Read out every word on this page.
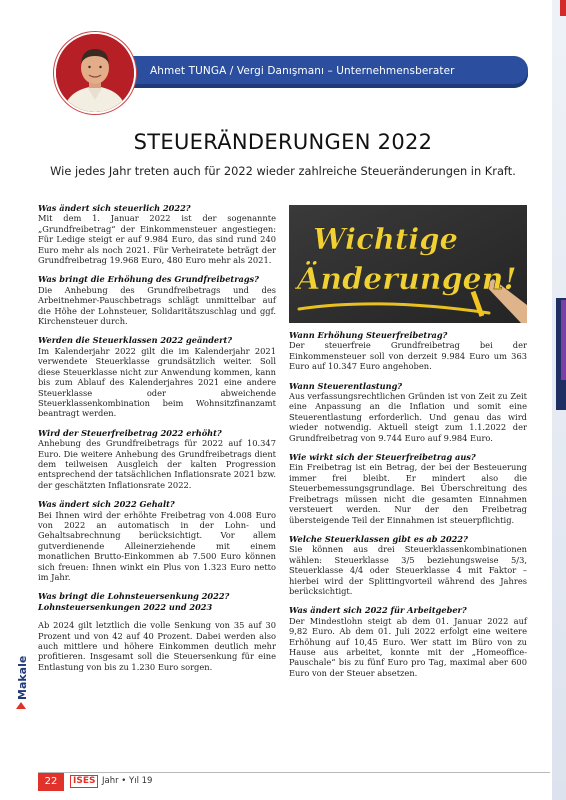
Ahmet TUNGA / Vergi Danışmanı – Unternehmensberater
STEUERÄNDERUNGEN 2022
Wie jedes Jahr treten auch für 2022 wieder zahlreiche Steueränderungen in Kraft.
Was ändert sich steuerlich 2022?

Mit dem 1. Januar 2022 ist der sogenannte „Grundfreibetrag“ der Einkommensteuer angestiegen: Für Ledige steigt er auf 9.984 Euro, das sind rund 240 Euro mehr als noch 2021. Für Verheiratete beträgt der Grundfreibetrag 19.968 Euro, 480 Euro mehr als 2021.

Was bringt die Erhöhung des Grundfreibetrags?

Die Anhebung des Grundfreibetrags und des Arbeitnehmer-Pauschbetrags schlägt unmittelbar auf die Höhe der Lohnsteuer, Solidaritätszuschlag und ggf. Kirchensteuer durch.

Werden die Steuerklassen 2022 geändert?

Im Kalenderjahr 2022 gilt die im Kalenderjahr 2021 verwendete Steuerklasse grundsätzlich weiter. Soll diese Steuerklasse nicht zur Anwendung kommen, kann bis zum Ablauf des Kalenderjahres 2021 eine andere Steuerklasse oder abweichende Steuerklassenkombination beim Wohnsitzfinanzamt beantragt werden.

Wird der Steuerfreibetrag 2022 erhöht?

Anhebung des Grundfreibetrags für 2022 auf 10.347 Euro. Die weitere Anhebung des Grundfreibetrags dient dem teilweisen Ausgleich der kalten Progression entsprechend der tatsächlichen Inflationsrate 2021 bzw. der geschätzten Inflationsrate 2022.

Was ändert sich 2022 Gehalt?

Bei Ihnen wird der erhöhte Freibetrag von 4.008 Euro von 2022 an automatisch in der Lohn- und Gehaltsabrechnung berücksichtigt. Vor allem gutverdienende Alleinerziehende mit einem monatlichen Brutto-Einkommen ab 7.500 Euro können sich freuen: Ihnen winkt ein Plus von 1.323 Euro netto im Jahr.

Was bringt die Lohnsteuersenkung 2022? Lohnsteuersenkungen 2022 und 2023

Ab 2024 gilt letztlich die volle Senkung von 35 auf 30 Prozent und von 42 auf 40 Prozent. Dabei werden also auch mittlere und höhere Einkommen deutlich mehr profitieren. Insgesamt soll die Steuersenkung für eine Entlastung von bis zu 1.230 Euro sorgen.

Wichtige
Änderungen!
Wann Erhöhung Steuerfreibetrag?

Der steuerfreie Grundfreibetrag bei der Einkommensteuer soll von derzeit 9.984 Euro um 363 Euro auf 10.347 Euro angehoben.

Wann Steuerentlastung?

Aus verfassungsrechtlichen Gründen ist von Zeit zu Zeit eine Anpassung an die Inflation und somit eine Steuerentlastung erforderlich. Und genau das wird wieder notwendig. Aktuell steigt zum 1.1.2022 der Grundfreibetrag von 9.744 Euro auf 9.984 Euro.

Wie wirkt sich der Steuerfreibetrag aus?

Ein Freibetrag ist ein Betrag, der bei der Besteuerung immer frei bleibt. Er mindert also die Steuerbemessungsgrundlage. Bei Überschreitung des Freibetrags müssen nicht die gesamten Einnahmen versteuert werden. Nur der den Freibetrag übersteigende Teil der Einnahmen ist steuerpflichtig.

Welche Steuerklassen gibt es ab 2022?

Sie können aus drei Steuerklassenkombinationen wählen: Steuerklasse 3/5 beziehungsweise 5/3, Steuerklasse 4/4 oder Steuerklasse 4 mit Faktor – hierbei wird der Splittingvorteil während des Jahres berücksichtigt.

Was ändert sich 2022 für Arbeitgeber?

Der Mindestlohn steigt ab dem 01. Januar 2022 auf 9,82 Euro. Ab dem 01. Juli 2022 erfolgt eine weitere Erhöhung auf 10,45 Euro. Wer statt im Büro von zu Hause aus arbeitet, konnte mit der „Homeoffice-Pauschale“ bis zu fünf Euro pro Tag, maximal aber 600 Euro von der Steuer absetzen.

Makale
22	ISES Jahr • Yıl 19
